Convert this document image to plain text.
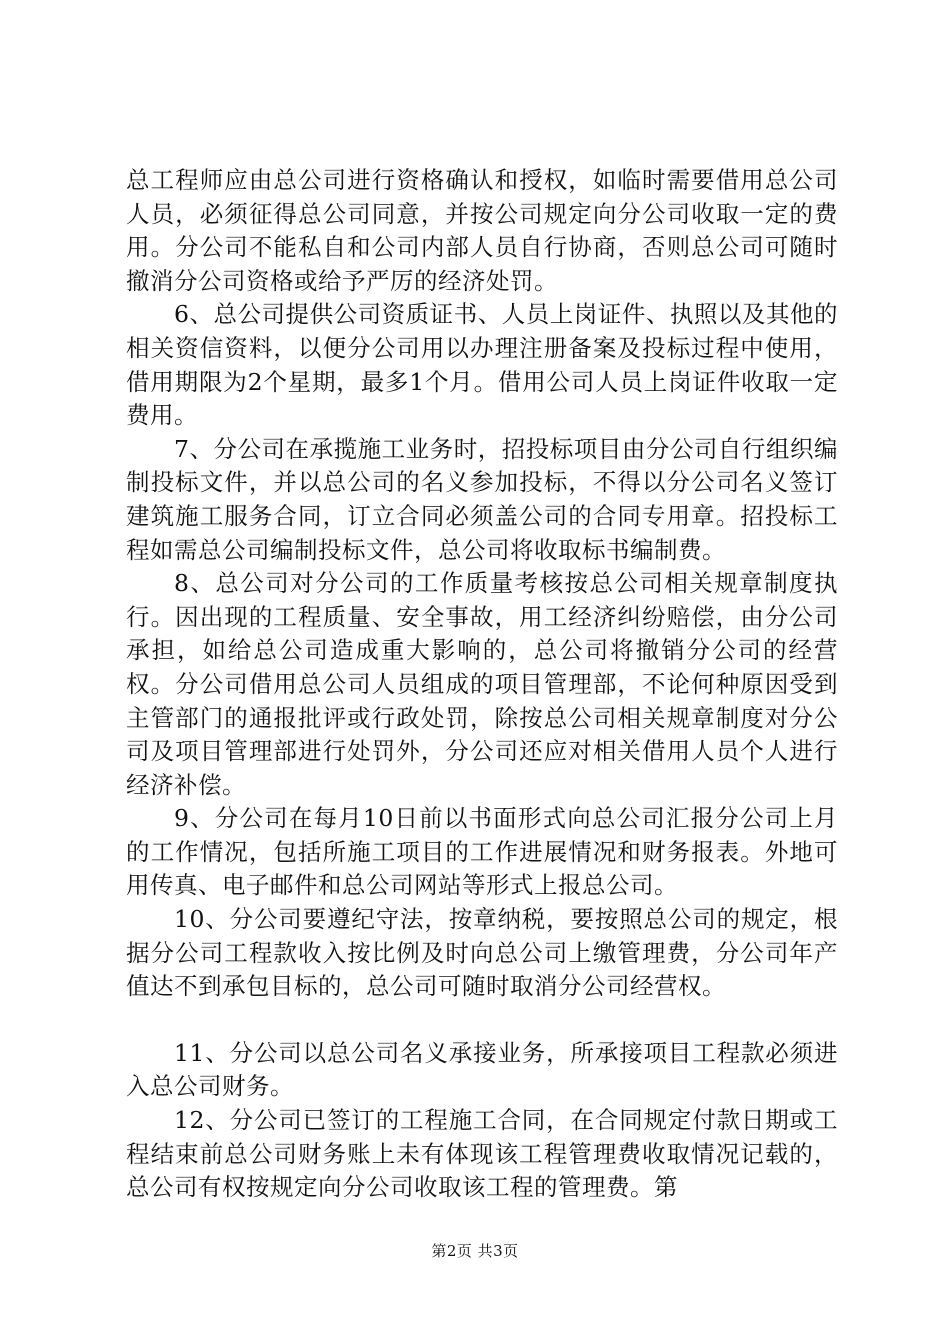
总工程师应由总公司进行资格确认和授权，如临时需要借用总公司人员，必须征得总公司同意，并按公司规定向分公司收取一定的费用。分公司不能私自和公司内部人员自行协商，否则总公司可随时撤消分公司资格或给予严厉的经济处罚。

6、总公司提供公司资质证书、人员上岗证件、执照以及其他的相关资信资料，以便分公司用以办理注册备案及投标过程中使用，借用期限为2个星期，最多1个月。借用公司人员上岗证件收取一定费用。

7、分公司在承揽施工业务时，招投标项目由分公司自行组织编制投标文件，并以总公司的名义参加投标，不得以分公司名义签订建筑施工服务合同，订立合同必须盖公司的合同专用章。招投标工程如需总公司编制投标文件，总公司将收取标书编制费。

8、总公司对分公司的工作质量考核按总公司相关规章制度执行。因出现的工程质量、安全事故，用工经济纠纷赔偿，由分公司承担，如给总公司造成重大影响的，总公司将撤销分公司的经营权。分公司借用总公司人员组成的项目管理部，不论何种原因受到主管部门的通报批评或行政处罚，除按总公司相关规章制度对分公司及项目管理部进行处罚外，分公司还应对相关借用人员个人进行经济补偿。

9、分公司在每月10日前以书面形式向总公司汇报分公司上月的工作情况，包括所施工项目的工作进展情况和财务报表。外地可用传真、电子邮件和总公司网站等形式上报总公司。

10、分公司要遵纪守法，按章纳税，要按照总公司的规定，根据分公司工程款收入按比例及时向总公司上缴管理费，分公司年产值达不到承包目标的，总公司可随时取消分公司经营权。

11、分公司以总公司名义承接业务，所承接项目工程款必须进入总公司财务。

12、分公司已签订的工程施工合同，在合同规定付款日期或工程结束前总公司财务账上未有体现该工程管理费收取情况记载的，总公司有权按规定向分公司收取该工程的管理费。第

第2页 共3页
